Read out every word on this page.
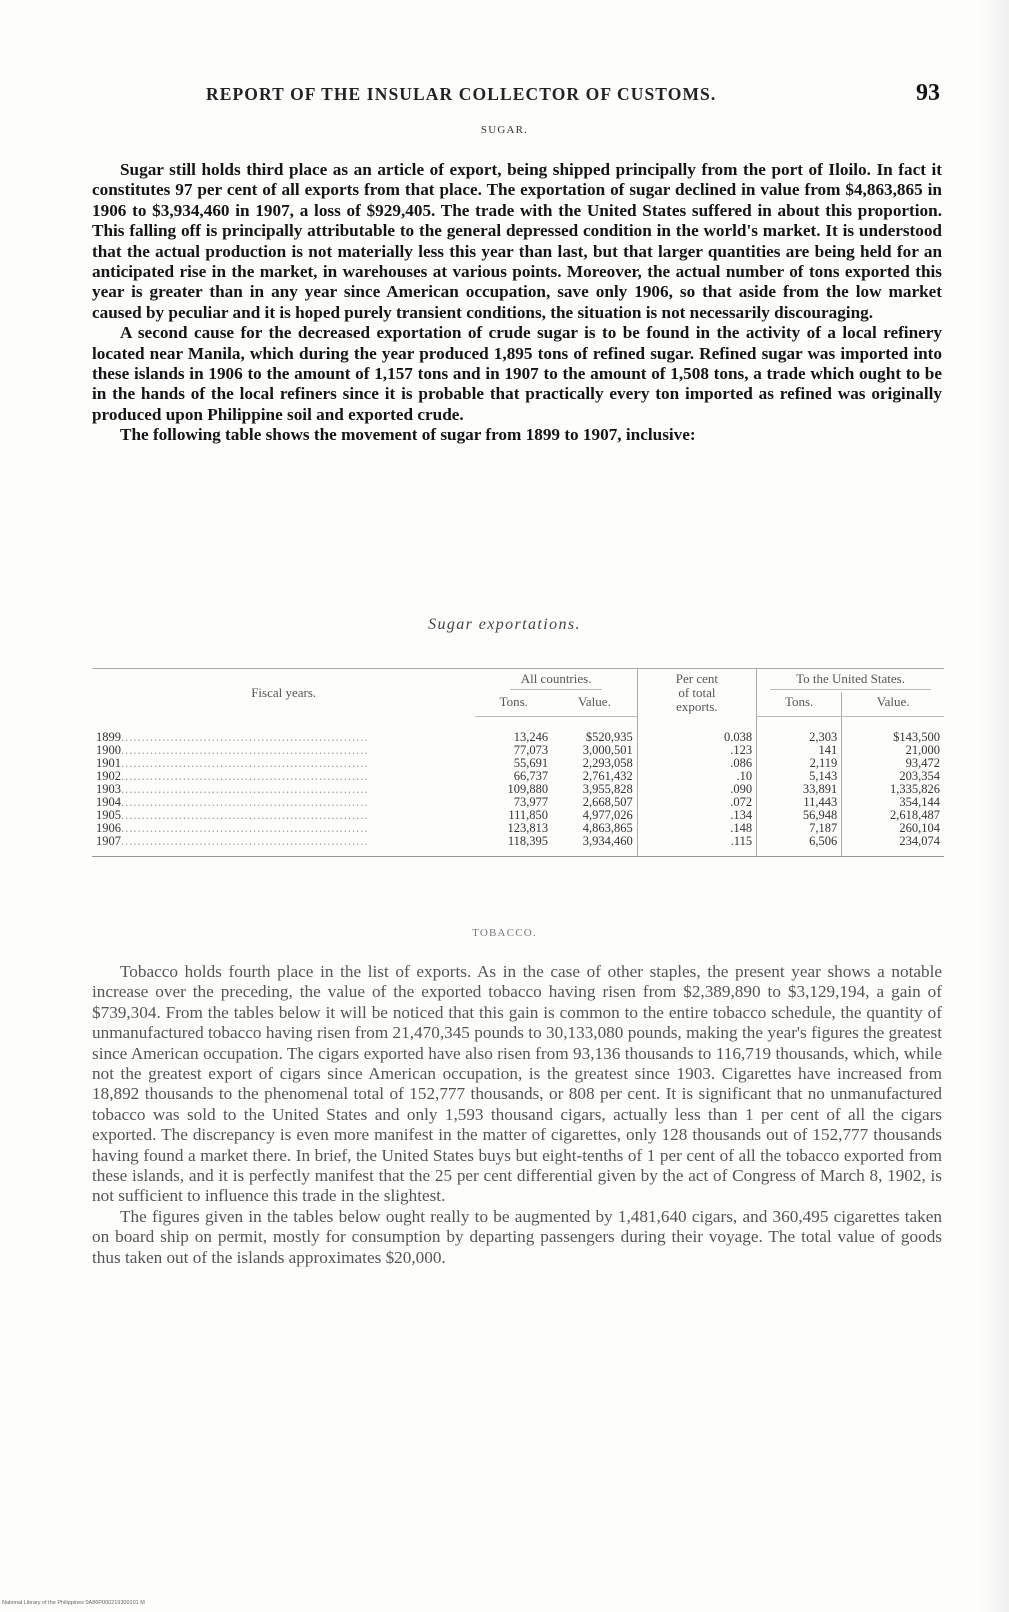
REPORT OF THE INSULAR COLLECTOR OF CUSTOMS.	93
SUGAR.

Sugar still holds third place as an article of export, being shipped principally from the port of Iloilo. In fact it constitutes 97 per cent of all exports from that place. The exportation of sugar declined in value from $4,863,865 in 1906 to $3,934,460 in 1907, a loss of $929,405. The trade with the United States suffered in about this proportion. This falling off is principally attributable to the general depressed condition in the world's market. It is understood that the actual production is not materially less this year than last, but that larger quantities are being held for an anticipated rise in the market, in warehouses at various points. Moreover, the actual number of tons exported this year is greater than in any year since American occupation, save only 1906, so that aside from the low market caused by peculiar and it is hoped purely transient conditions, the situation is not necessarily discouraging.

A second cause for the decreased exportation of crude sugar is to be found in the activity of a local refinery located near Manila, which during the year produced 1,895 tons of refined sugar. Refined sugar was imported into these islands in 1906 to the amount of 1,157 tons and in 1907 to the amount of 1,508 tons, a trade which ought to be in the hands of the local refiners since it is probable that practically every ton imported as refined was originally produced upon Philippine soil and exported crude.

The following table shows the movement of sugar from 1899 to 1907, inclusive:

Sugar exportations.
Fiscal years.	All countries.		Per cent
of total
exports.	To the United States.	

	Tons.	Value.		Tons.	Value.
1899............................................................	13,246	$520,935	0.038	2,303	$143,500
1900............................................................	77,073	3,000,501	.123	141	21,000
1901............................................................	55,691	2,293,058	.086	2,119	93,472
1902............................................................	66,737	2,761,432	.10	5,143	203,354
1903............................................................	109,880	3,955,828	.090	33,891	1,335,826
1904............................................................	73,977	2,668,507	.072	11,443	354,144
1905............................................................	111,850	4,977,026	.134	56,948	2,618,487
1906............................................................	123,813	4,863,865	.148	7,187	260,104
1907............................................................	118,395	3,934,460	.115	6,506	234,074
TOBACCO.

Tobacco holds fourth place in the list of exports. As in the case of other staples, the present year shows a notable increase over the preceding, the value of the exported tobacco having risen from $2,389,890 to $3,129,194, a gain of $739,304. From the tables below it will be noticed that this gain is common to the entire tobacco schedule, the quantity of unmanufactured tobacco having risen from 21,470,345 pounds to 30,133,080 pounds, making the year's figures the greatest since American occupation. The cigars exported have also risen from 93,136 thousands to 116,719 thousands, which, while not the greatest export of cigars since American occupation, is the greatest since 1903. Cigarettes have increased from 18,892 thousands to the phenomenal total of 152,777 thousands, or 808 per cent. It is significant that no unmanufactured tobacco was sold to the United States and only 1,593 thousand cigars, actually less than 1 per cent of all the cigars exported. The discrepancy is even more manifest in the matter of cigarettes, only 128 thousands out of 152,777 thousands having found a market there. In brief, the United States buys but eight-tenths of 1 per cent of all the tobacco exported from these islands, and it is perfectly manifest that the 25 per cent differential given by the act of Congress of March 8, 1902, is not sufficient to influence this trade in the slightest.

The figures given in the tables below ought really to be augmented by 1,481,640 cigars, and 360,495 cigarettes taken on board ship on permit, mostly for consumption by departing passengers during their voyage. The total value of goods thus taken out of the islands approximates $20,000.

National Library of the Philippines 0A86P000219300101 M
